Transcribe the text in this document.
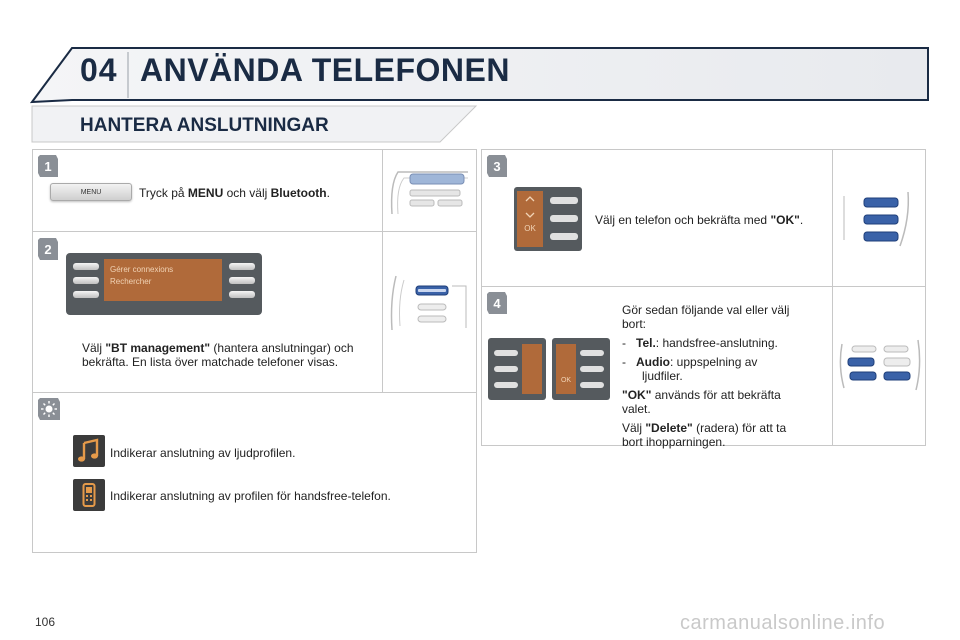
04 ANVÄNDA TELEFONEN
HANTERA ANSLUTNINGAR
1
MENU	Tryck på MENU och välj Bluetooth.
2
Gérer connexions
Rechercher
Välj "BT management" (hantera anslutningar) och
bekräfta. En lista över matchade telefoner visas.
Indikerar anslutning av ljudprofilen.
Indikerar anslutning av profilen för handsfree-telefon.
3
OK
Välj en telefon och bekräfta med "OK".
4
OK
Gör sedan följande val eller välj
bort:
-   Tel.: handsfree-anslutning.
-   Audio: uppspelning av
ljudfiler.
"OK" används för att bekräfta
valet.
Välj "Delete" (radera) för att ta
bort ihopparningen.
106	carmanualsonline.info
